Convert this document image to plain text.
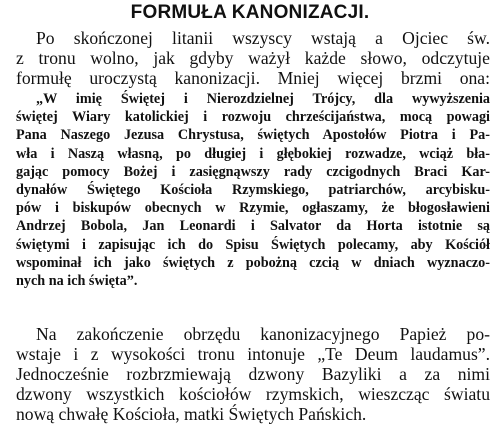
FORMUŁA KANONIZACJI.
Po skończonej litanii wszyscy wstają a Ojciec św.
z tronu wolno, jak gdyby ważył każde słowo, odczytuje
formułę uroczystą kanonizacji. Mniej więcej brzmi ona:
„W imię Świętej i Nierozdzielnej Trójcy, dla wywyższenia
świętej Wiary katolickiej i rozwoju chrześcijaństwa, mocą powagi
Pana Naszego Jezusa Chrystusa, świętych Apostołów Piotra i Pa-
wła i Naszą własną, po długiej i głębokiej rozwadze, wciąż bła-
gając pomocy Bożej i zasięgnąwszy rady czcigodnych Braci Kar-
dynałów Świętego Kościoła Rzymskiego, patriarchów, arcybisku-
pów i biskupów obecnych w Rzymie, ogłaszamy, że błogosławieni
Andrzej Bobola, Jan Leonardi i Salvator da Horta istotnie są
świętymi i zapisując ich do Spisu Świętych polecamy, aby Kościół
wspominał ich jako świętych z pobożną czcią w dniach wyznaczo-
nych na ich święta”.
Na zakończenie obrzędu kanonizacyjnego Papież po-
wstaje i z wysokości tronu intonuje „Te Deum laudamus”.
Jednocześnie rozbrzmiewają dzwony Bazyliki a za nimi
dzwony wszystkich kościołów rzymskich, wieszcząc światu
nową chwałę Kościoła, matki Świętych Pańskich.
